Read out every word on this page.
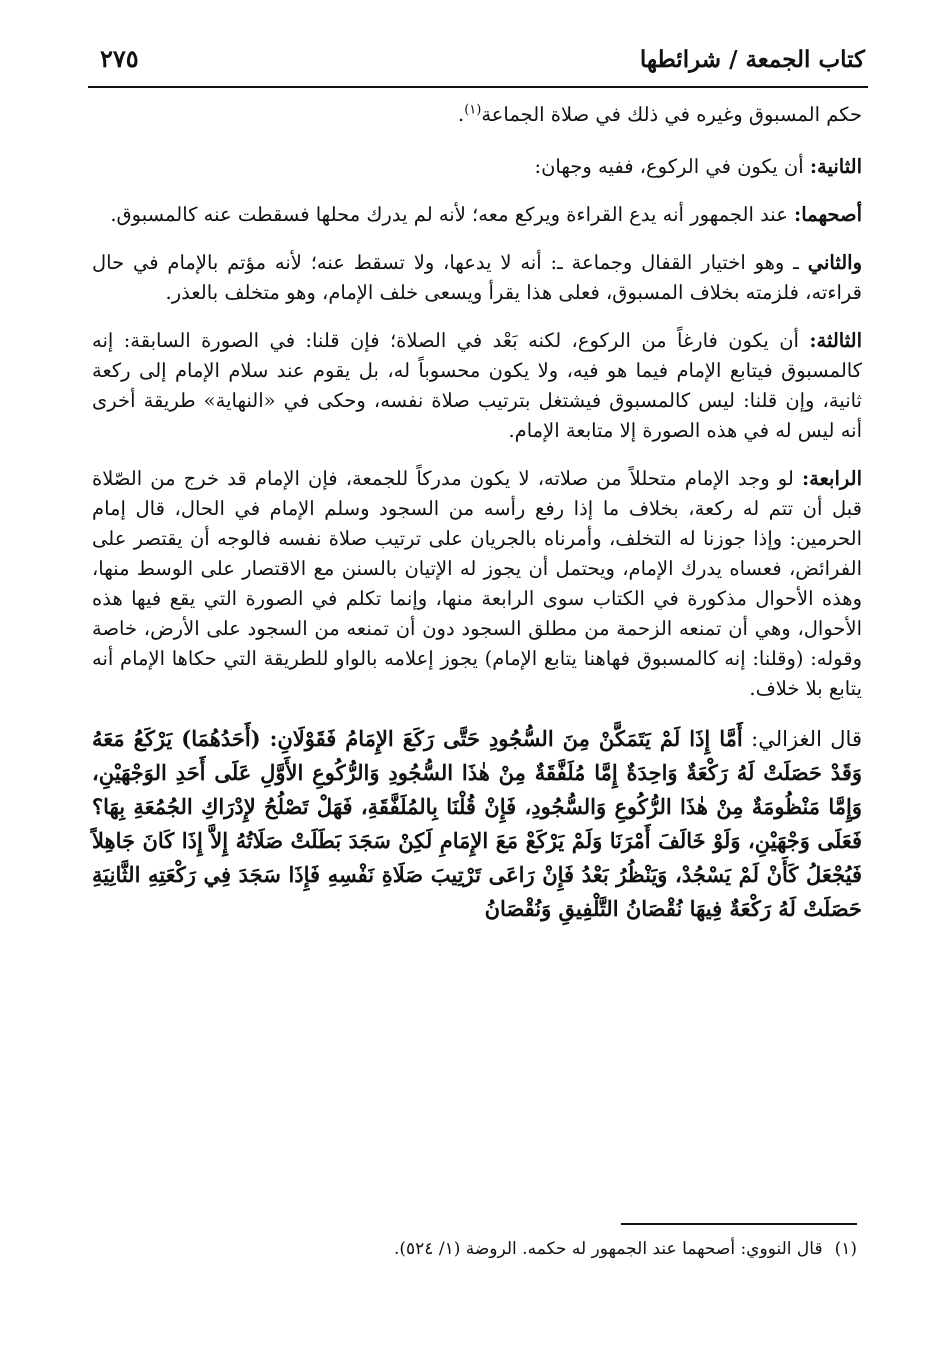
كتاب الجمعة / شرائطها
٢٧٥

حكم المسبوق وغيره في ذلك في صلاة الجماعة$^{(١)}$.

الثانية: أن يكون في الركوع، ففيه وجهان:

أصحهما: عند الجمهور أنه يدع القراءة ويركع معه؛ لأنه لم يدرك محلها فسقطت عنه كالمسبوق.

والثاني ـ وهو اختيار القفال وجماعة ـ: أنه لا يدعها، ولا تسقط عنه؛ لأنه مؤتم بالإمام في حال قراءته، فلزمته بخلاف المسبوق، فعلى هذا يقرأ ويسعى خلف الإمام، وهو متخلف بالعذر.

الثالثة: أن يكون فارغاً من الركوع، لكنه بَعْد في الصلاة؛ فإن قلنا: في الصورة السابقة: إنه كالمسبوق فيتابع الإمام فيما هو فيه، ولا يكون محسوباً له، بل يقوم عند سلام الإمام إلى ركعة ثانية، وإن قلنا: ليس كالمسبوق فيشتغل بترتيب صلاة نفسه، وحكى في «النهاية» طريقة أخرى أنه ليس له في هذه الصورة إلا متابعة الإمام.

الرابعة: لو وجد الإمام متحللاً من صلاته، لا يكون مدركاً للجمعة، فإن الإمام قد خرج من الصّلاة قبل أن تتم له ركعة، بخلاف ما إذا رفع رأسه من السجود وسلم الإمام في الحال، قال إمام الحرمين: وإذا جوزنا له التخلف، وأمرناه بالجريان على ترتيب صلاة نفسه فالوجه أن يقتصر على الفرائض، فعساه يدرك الإمام، ويحتمل أن يجوز له الإتيان بالسنن مع الاقتصار على الوسط منها، وهذه الأحوال مذكورة في الكتاب سوى الرابعة منها، وإنما تكلم في الصورة التي يقع فيها هذه الأحوال، وهي أن تمنعه الزحمة من مطلق السجود دون أن تمنعه من السجود على الأرض، خاصة وقوله: (وقلنا: إنه كالمسبوق فهاهنا يتابع الإمام) يجوز إعلامه بالواو للطريقة التي حكاها الإمام أنه يتابع بلا خلاف.

قال الغزالي: أَمَّا إِذَا لَمْ يَتَمَكَّنْ مِنَ السُّجُودِ حَتَّى رَكَعَ الإِمَامُ فَقَوْلَانِ: (أَحَدُهُمَا) يَرْكَعُ مَعَهُ وَقَدْ حَصَلَتْ لَهُ رَكْعَةٌ وَاحِدَةٌ إِمَّا مُلَفَّقَةٌ مِنْ هٰذَا السُّجُودِ وَالرُّكُوعِ الأَوَّلِ عَلَى أَحَدِ الوَجْهَيْنِ، وَإِمَّا مَنْظُومَةٌ مِنْ هٰذَا الرُّكُوعِ وَالسُّجُودِ، فَإِنْ قُلْنَا بِالمُلَفَّقَةِ، فَهَلْ تَصْلُحُ لإِدْرَاكِ الجُمُعَةِ بِهَا؟ فَعَلَى وَجْهَيْنِ، وَلَوْ خَالَفَ أَمْرَنَا وَلَمْ يَرْكَعْ مَعَ الإِمَامِ لَكِنْ سَجَدَ بَطَلَتْ صَلَاتُهُ إِلاَّ إِذَا كَانَ جَاهِلاً فَيُجْعَلُ كَأَنْ لَمْ يَسْجُدْ، وَيَنْظُرُ بَعْدُ فَإِنْ رَاعَى تَرْتِيبَ صَلَاةِ نَفْسِهِ فَإِذَا سَجَدَ فِي رَكْعَتِهِ الثَّانِيَةِ حَصَلَتْ لَهُ رَكْعَةٌ فِيهَا نُقْصَانُ التَّلْفِيقِ وَنُقْصَانُ

(١)قال النووي: أصحهما عند الجمهور له حكمه. الروضة (١/ ٥٢٤).
